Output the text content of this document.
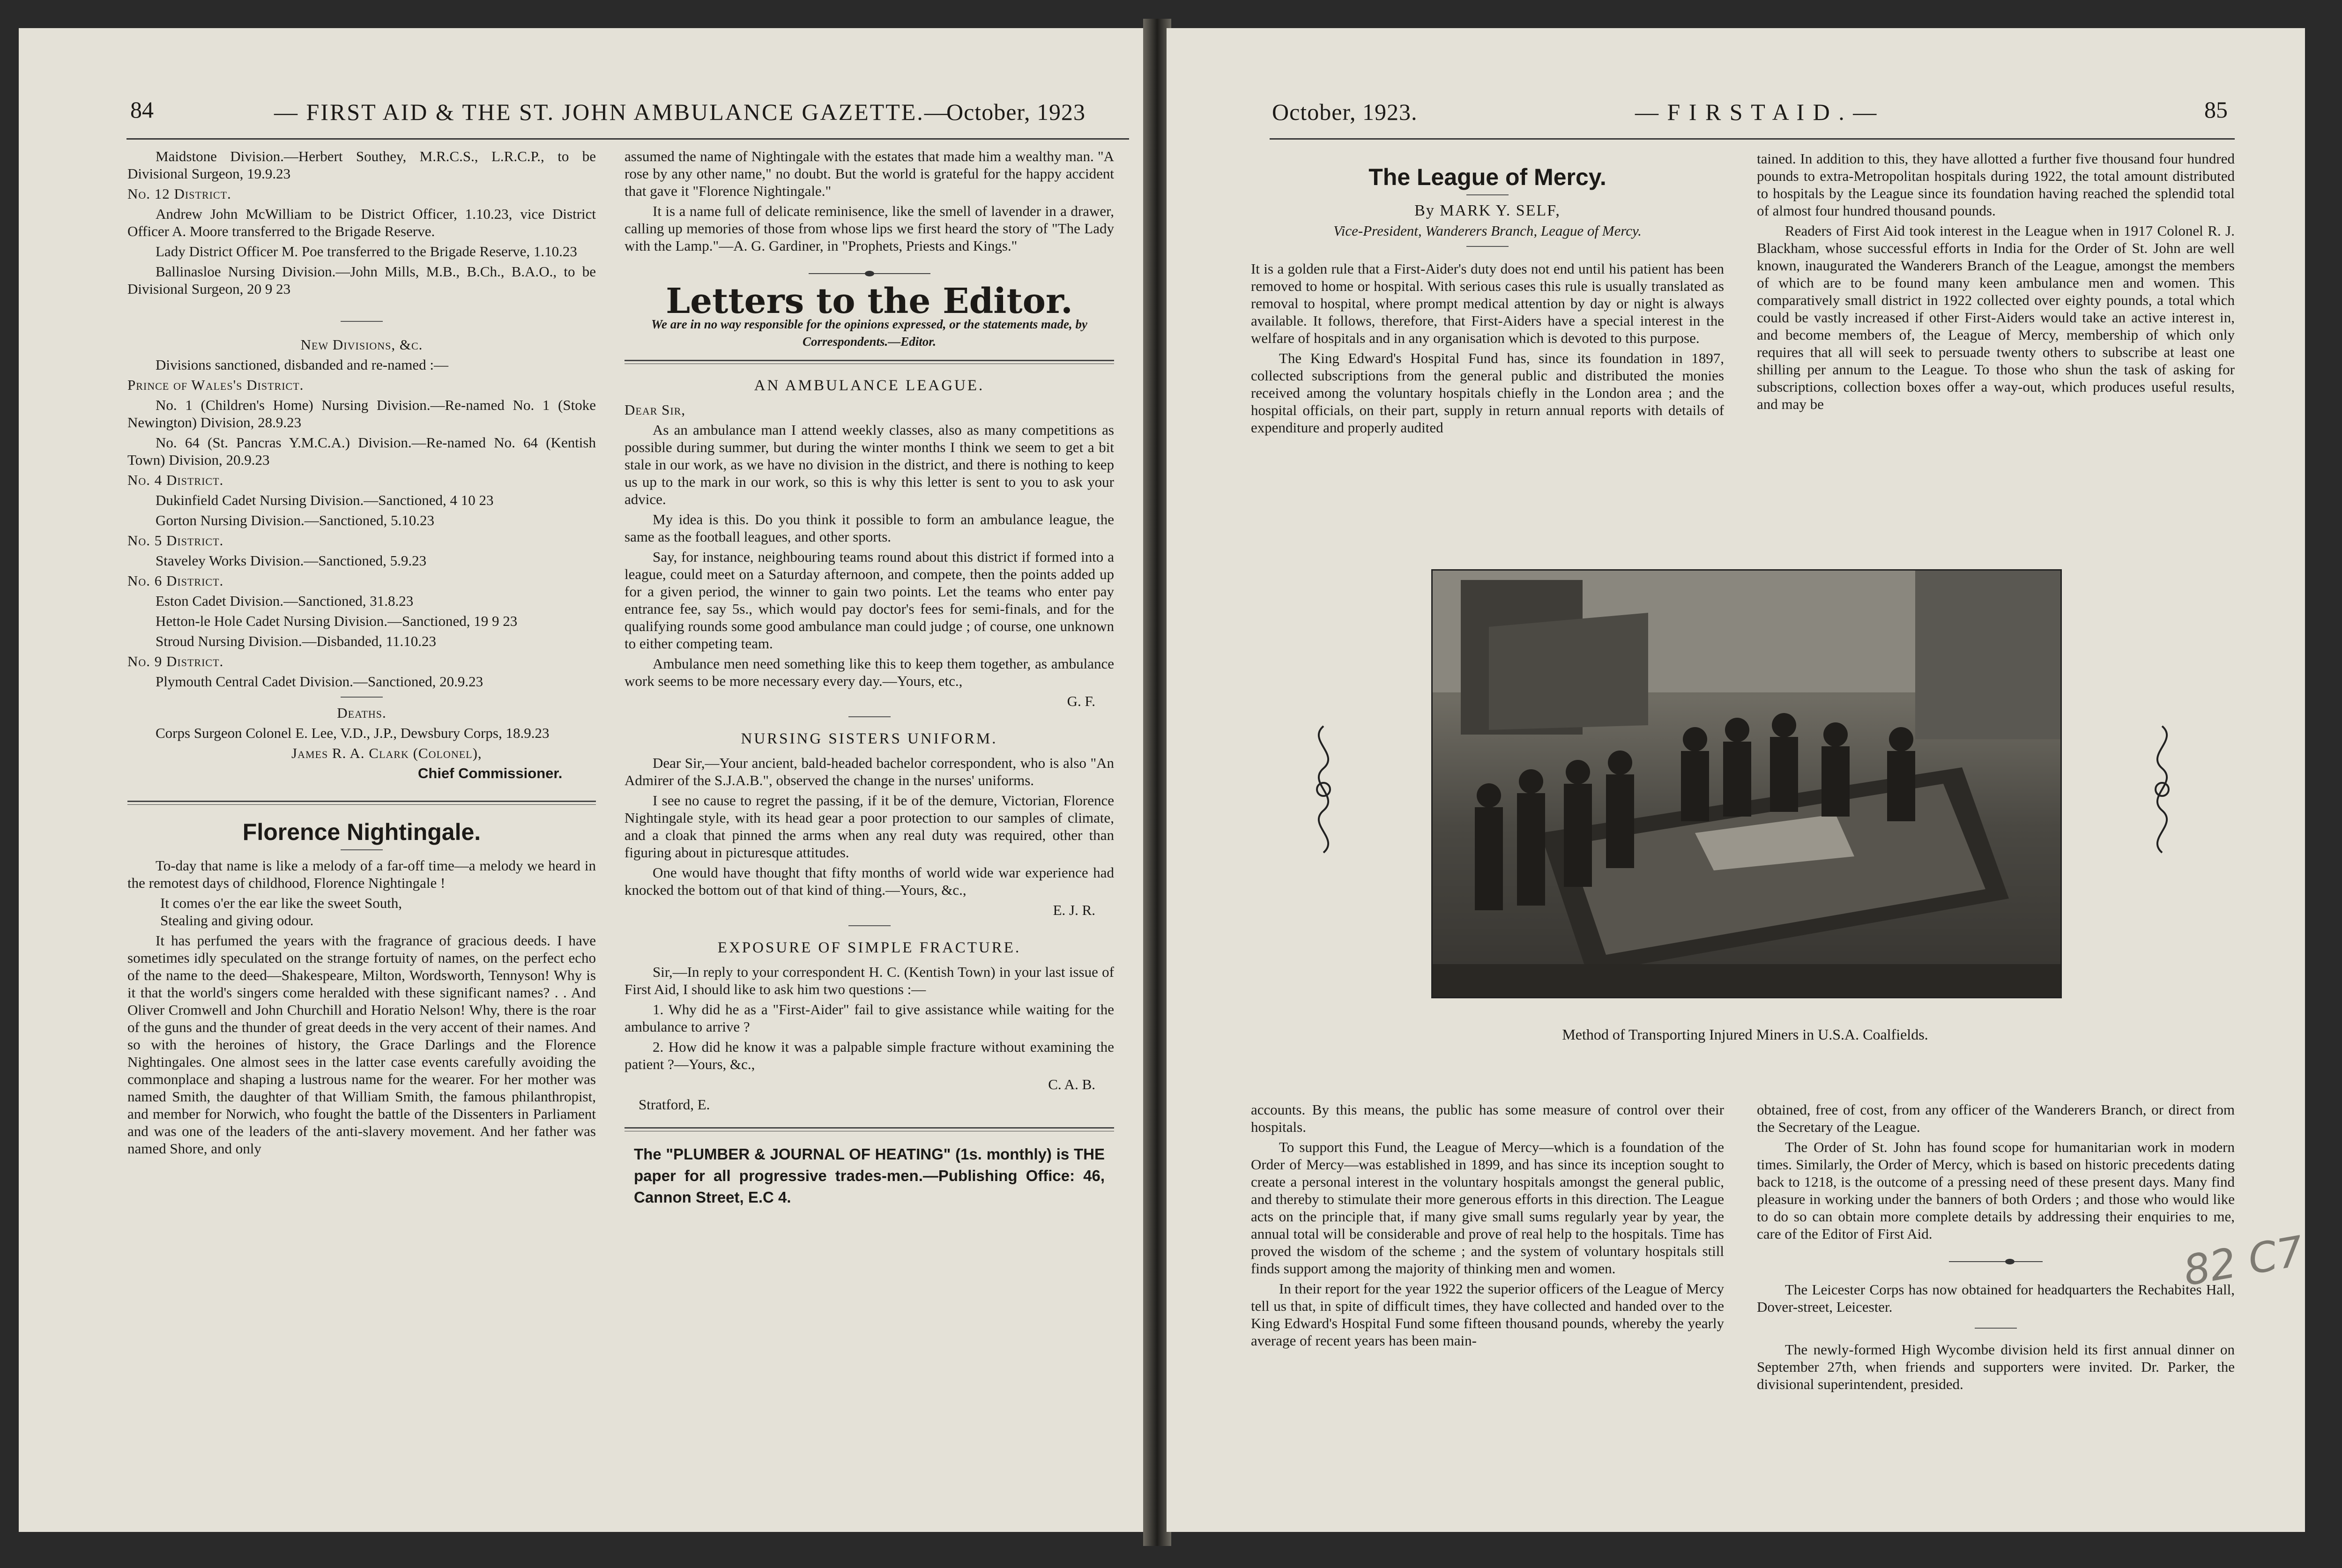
84	— FIRST AID & THE ST. JOHN AMBULANCE GAZETTE.—
October, 1923

Maidstone Division.—Herbert Southey, M.R.C.S., L.R.C.P., to be Divisional Surgeon, 19.9.23

No. 12 District.

Andrew John McWilliam to be District Officer, 1.10.23, vice District Officer A. Moore transferred to the Brigade Reserve.

Lady District Officer M. Poe transferred to the Brigade Reserve, 1.10.23

Ballinasloe Nursing Division.—John Mills, M.B., B.Ch., B.A.O., to be Divisional Surgeon, 20 9 23

New Divisions, &c.

Divisions sanctioned, disbanded and re-named :—

Prince of Wales's District.

No. 1 (Children's Home) Nursing Division.—Re-named No. 1 (Stoke Newington) Division, 28.9.23

No. 64 (St. Pancras Y.M.C.A.) Division.—Re-named No. 64 (Kentish Town) Division, 20.9.23

No. 4 District.

Dukinfield Cadet Nursing Division.—Sanctioned, 4 10 23

Gorton Nursing Division.—Sanctioned, 5.10.23

No. 5 District.

Staveley Works Division.—Sanctioned, 5.9.23

No. 6 District.

Eston Cadet Division.—Sanctioned, 31.8.23

Hetton-le Hole Cadet Nursing Division.—Sanctioned, 19 9 23

Stroud Nursing Division.—Disbanded, 11.10.23

No. 9 District.

Plymouth Central Cadet Division.—Sanctioned, 20.9.23

Deaths.

Corps Surgeon Colonel E. Lee, V.D., J.P., Dewsbury Corps, 18.9.23

James R. A. Clark (Colonel),

Chief Commissioner.

Florence Nightingale.

To-day that name is like a melody of a far-off time—a melody we heard in the remotest days of childhood, Florence Nightingale !

It comes o'er the ear like the sweet South,

Stealing and giving odour.

It has perfumed the years with the fragrance of gracious deeds. I have sometimes idly speculated on the strange fortuity of names, on the perfect echo of the name to the deed—Shakespeare, Milton, Wordsworth, Tennyson! Why is it that the world's singers come heralded with these significant names? . . And Oliver Cromwell and John Churchill and Horatio Nelson! Why, there is the roar of the guns and the thunder of great deeds in the very accent of their names. And so with the heroines of history, the Grace Darlings and the Florence Nightingales. One almost sees in the latter case events carefully avoiding the commonplace and shaping a lustrous name for the wearer. For her mother was named Smith, the daughter of that William Smith, the famous philanthropist, and member for Norwich, who fought the battle of the Dissenters in Parliament and was one of the leaders of the anti-slavery movement. And her father was named Shore, and only

assumed the name of Nightingale with the estates that made him a wealthy man. "A rose by any other name," no doubt. But the world is grateful for the happy accident that gave it "Florence Nightingale."

It is a name full of delicate reminisence, like the smell of lavender in a drawer, calling up memories of those from whose lips we first heard the story of "The Lady with the Lamp."—A. G. Gardiner, in "Prophets, Priests and Kings."

Letters to the Editor.

We are in no way responsible for the opinions expressed, or the statements made, by Correspondents.—Editor.

AN AMBULANCE LEAGUE.

Dear Sir,

As an ambulance man I attend weekly classes, also as many competitions as possible during summer, but during the winter months I think we seem to get a bit stale in our work, as we have no division in the district, and there is nothing to keep us up to the mark in our work, so this is why this letter is sent to you to ask your advice.

My idea is this. Do you think it possible to form an ambulance league, the same as the football leagues, and other sports.

Say, for instance, neighbouring teams round about this district if formed into a league, could meet on a Saturday afternoon, and compete, then the points added up for a given period, the winner to gain two points. Let the teams who enter pay entrance fee, say 5s., which would pay doctor's fees for semi-finals, and for the qualifying rounds some good ambulance man could judge ; of course, one unknown to either competing team.

Ambulance men need something like this to keep them together, as ambulance work seems to be more necessary every day.—Yours, etc.,

G. F.

NURSING SISTERS UNIFORM.

Dear Sir,—Your ancient, bald-headed bachelor correspondent, who is also "An Admirer of the S.J.A.B.", observed the change in the nurses' uniforms.

I see no cause to regret the passing, if it be of the demure, Victorian, Florence Nightingale style, with its head gear a poor protection to our samples of climate, and a cloak that pinned the arms when any real duty was required, other than figuring about in picturesque attitudes.

One would have thought that fifty months of world wide war experience had knocked the bottom out of that kind of thing.—Yours, &c.,

E. J. R.

EXPOSURE OF SIMPLE FRACTURE.

Sir,—In reply to your correspondent H. C. (Kentish Town) in your last issue of First Aid, I should like to ask him two questions :—

1. Why did he as a "First-Aider" fail to give assistance while waiting for the ambulance to arrive ?

2. How did he know it was a palpable simple fracture without examining the patient ?—Yours, &c.,

C. A. B.

Stratford, E.

The "PLUMBER & JOURNAL OF HEATING" (1s. monthly) is THE paper for all progressive trades-men.—Publishing Office: 46, Cannon Street, E.C 4.

October, 1923.	— F I R S T A I D . —	85
The League of Mercy.

By MARK Y. SELF,

Vice-President, Wanderers Branch, League of Mercy.

It is a golden rule that a First-Aider's duty does not end until his patient has been removed to home or hospital. With serious cases this rule is usually translated as removal to hospital, where prompt medical attention by day or night is always available. It follows, therefore, that First-Aiders have a special interest in the welfare of hospitals and in any organisation which is devoted to this purpose.

The King Edward's Hospital Fund has, since its foundation in 1897, collected subscriptions from the general public and distributed the monies received among the voluntary hospitals chiefly in the London area ; and the hospital officials, on their part, supply in return annual reports with details of expenditure and properly audited

tained. In addition to this, they have allotted a further five thousand four hundred pounds to extra-Metropolitan hospitals during 1922, the total amount distributed to hospitals by the League since its foundation having reached the splendid total of almost four hundred thousand pounds.

Readers of First Aid took interest in the League when in 1917 Colonel R. J. Blackham, whose successful efforts in India for the Order of St. John are well known, inaugurated the Wanderers Branch of the League, amongst the members of which are to be found many keen ambulance men and women. This comparatively small district in 1922 collected over eighty pounds, a total which could be vastly increased if other First-Aiders would take an active interest in, and become members of, the League of Mercy, membership of which only requires that all will seek to persuade twenty others to subscribe at least one shilling per annum to the League. To those who shun the task of asking for subscriptions, collection boxes offer a way-out, which produces useful results, and may be

accounts. By this means, the public has some measure of control over their hospitals.

To support this Fund, the League of Mercy—which is a foundation of the Order of Mercy—was established in 1899, and has since its inception sought to create a personal interest in the voluntary hospitals amongst the general public, and thereby to stimulate their more generous efforts in this direction. The League acts on the principle that, if many give small sums regularly year by year, the annual total will be considerable and prove of real help to the hospitals. Time has proved the wisdom of the scheme ; and the system of voluntary hospitals still finds support among the majority of thinking men and women.

In their report for the year 1922 the superior officers of the League of Mercy tell us that, in spite of difficult times, they have collected and handed over to the King Edward's Hospital Fund some fifteen thousand pounds, whereby the yearly average of recent years has been main-

obtained, free of cost, from any officer of the Wanderers Branch, or direct from the Secretary of the League.

The Order of St. John has found scope for humanitarian work in modern times. Similarly, the Order of Mercy, which is based on historic precedents dating back to 1218, is the outcome of a pressing need of these present days. Many find pleasure in working under the banners of both Orders ; and those who would like to do so can obtain more complete details by addressing their enquiries to me, care of the Editor of First Aid.

The Leicester Corps has now obtained for headquarters the Rechabites Hall, Dover-street, Leicester.

The newly-formed High Wycombe division held its first annual dinner on September 27th, when friends and supporters were invited. Dr. Parker, the divisional superintendent, presided.

Method of Transporting Injured Miners in U.S.A. Coalfields.
82 C7
